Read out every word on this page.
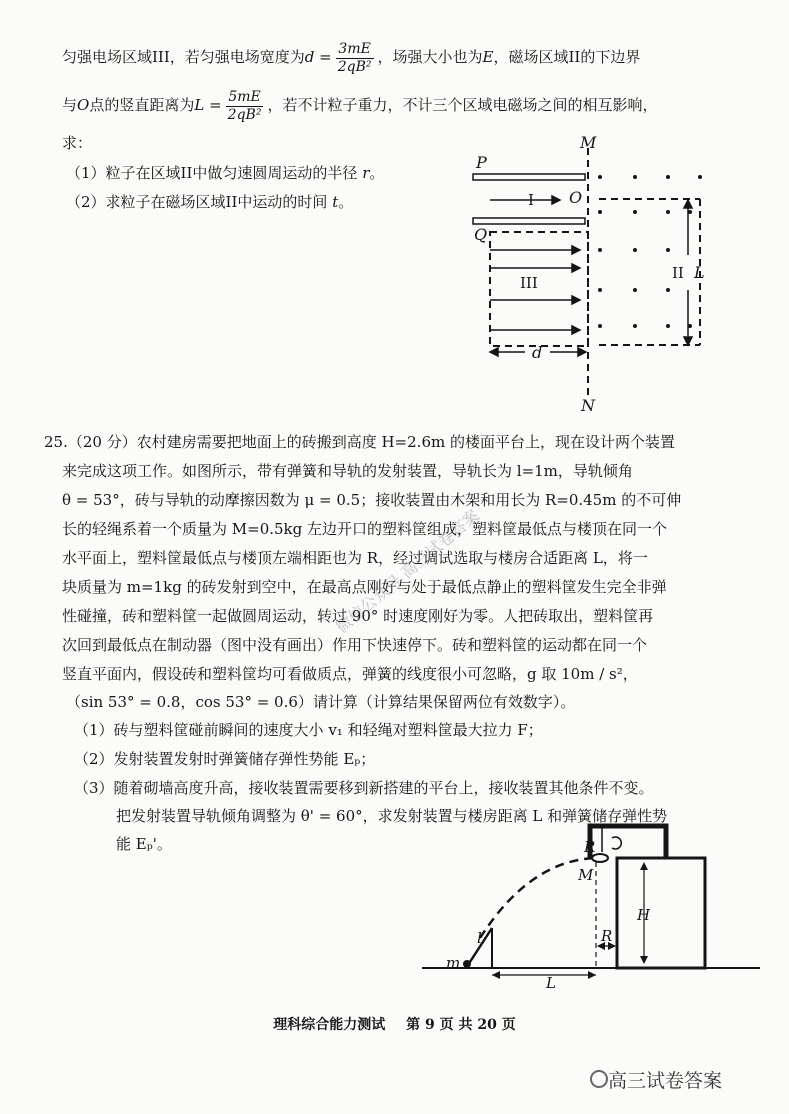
匀强电场区域III，若匀强电场宽度为$d = \frac{3mE}{\text{2qB²}}$ ，场强大小也为E，磁场区域II的下边界
与O点的竖直距离为$L = \frac{5mE}{\text{2qB²}}$ ，若不计粒子重力，不计三个区域电磁场之间的相互影响，
求：
（1）粒子在区域II中做匀速圆周运动的半径 r。
（2）求粒子在磁场区域II中运动的时间 t。
M
N
P
Q
O
L
d
I
II
III
25.（20 分）农村建房需要把地面上的砖搬到高度 H=2.6m 的楼面平台上，现在设计两个装置
来完成这项工作。如图所示，带有弹簧和导轨的发射装置，导轨长为 l=1m，导轨倾角
θ = 53°，砖与导轨的动摩擦因数为 μ = 0.5；接收装置由木架和用长为 R=0.45m 的不可伸
长的轻绳系着一个质量为 M=0.5kg 左边开口的塑料筐组成，塑料筐最低点与楼顶在同一个
水平面上，塑料筐最低点与楼顶左端相距也为 R，经过调试选取与楼房合适距离 L，将一
块质量为 m=1kg 的砖发射到空中，在最高点刚好与处于最低点静止的塑料筐发生完全非弹
性碰撞，砖和塑料筐一起做圆周运动，转过 90° 时速度刚好为零。人把砖取出，塑料筐再
次回到最低点在制动器（图中没有画出）作用下快速停下。砖和塑料筐的运动都在同一个
竖直平面内，假设砖和塑料筐均可看做质点，弹簧的线度很小可忽略，g 取 10m / s²，
（sin 53° = 0.8，cos 53° = 0.6）请计算（计算结果保留两位有效数字）。
（1）砖与塑料筐碰前瞬间的速度大小 v₁ 和轻绳对塑料筐最大拉力 F；
（2）发射装置发射时弹簧储存弹性势能 Eₚ；
（3）随着砌墙高度升高，接收装置需要移到新搭建的平台上，接收装置其他条件不变。
把发射装置导轨倾角调整为 θ' = 60°，求发射装置与楼房距离 L 和弹簧储存弹性势
能 Eₚ'。	R
M
H
R
l
m
L
微信公众号 高三试卷答案
理科综合能力测试 第 9 页 共 20 页
高三试卷答案
